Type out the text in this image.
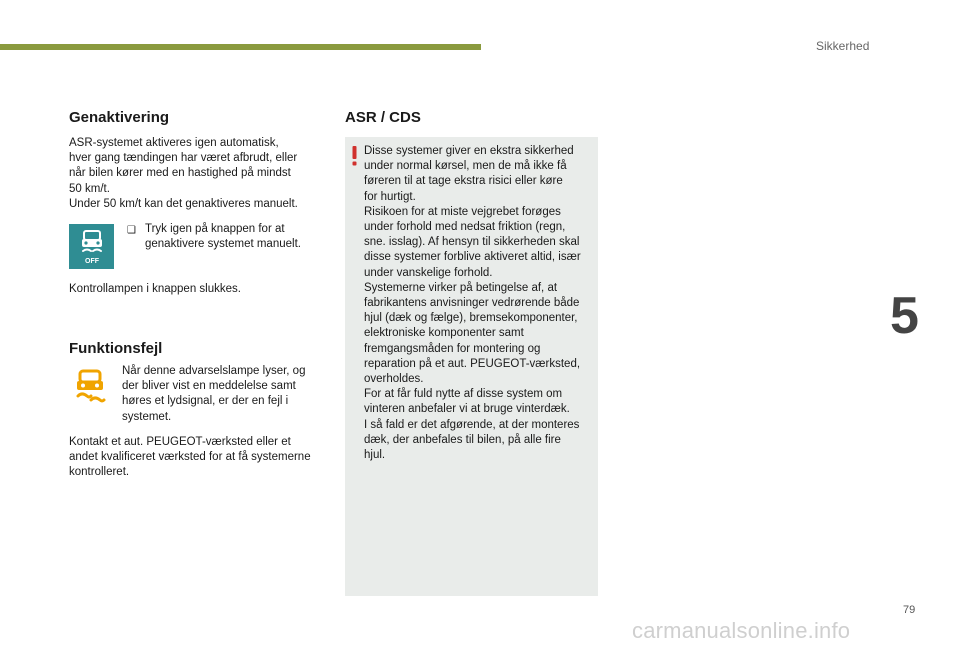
Sikkerhed
5
Genaktivering
ASR-systemet aktiveres igen automatisk,
hver gang tændingen har været afbrudt, eller
når bilen kører med en hastighed på mindst
50 km/t.
Under 50 km/t kan det genaktiveres manuelt.
OFF
❑ Tryk igen på knappen for at
genaktivere systemet manuelt.
Kontrollampen i knappen slukkes.
Funktionsfejl
Når denne advarselslampe lyser, og
der bliver vist en meddelelse samt
høres et lydsignal, er der en fejl i
systemet.
Kontakt et aut. PEUGEOT-værksted eller et
andet kvalificeret værksted for at få systemerne
kontrolleret.
ASR / CDS
Disse systemer giver en ekstra sikkerhed
under normal kørsel, men de må ikke få
føreren til at tage ekstra risici eller køre
for hurtigt.
Risikoen for at miste vejgrebet forøges
under forhold med nedsat friktion (regn,
sne. isslag). Af hensyn til sikkerheden skal
disse systemer forblive aktiveret altid, især
under vanskelige forhold.
Systemerne virker på betingelse af, at
fabrikantens anvisninger vedrørende både
hjul (dæk og fælge), bremsekomponenter,
elektroniske komponenter samt
fremgangsmåden for montering og
reparation på et aut. PEUGEOT-værksted,
overholdes.
For at får fuld nytte af disse system om
vinteren anbefaler vi at bruge vinterdæk.
I så fald er det afgørende, at der monteres
dæk, der anbefales til bilen, på alle fire
hjul.
79
carmanualsonline.info
